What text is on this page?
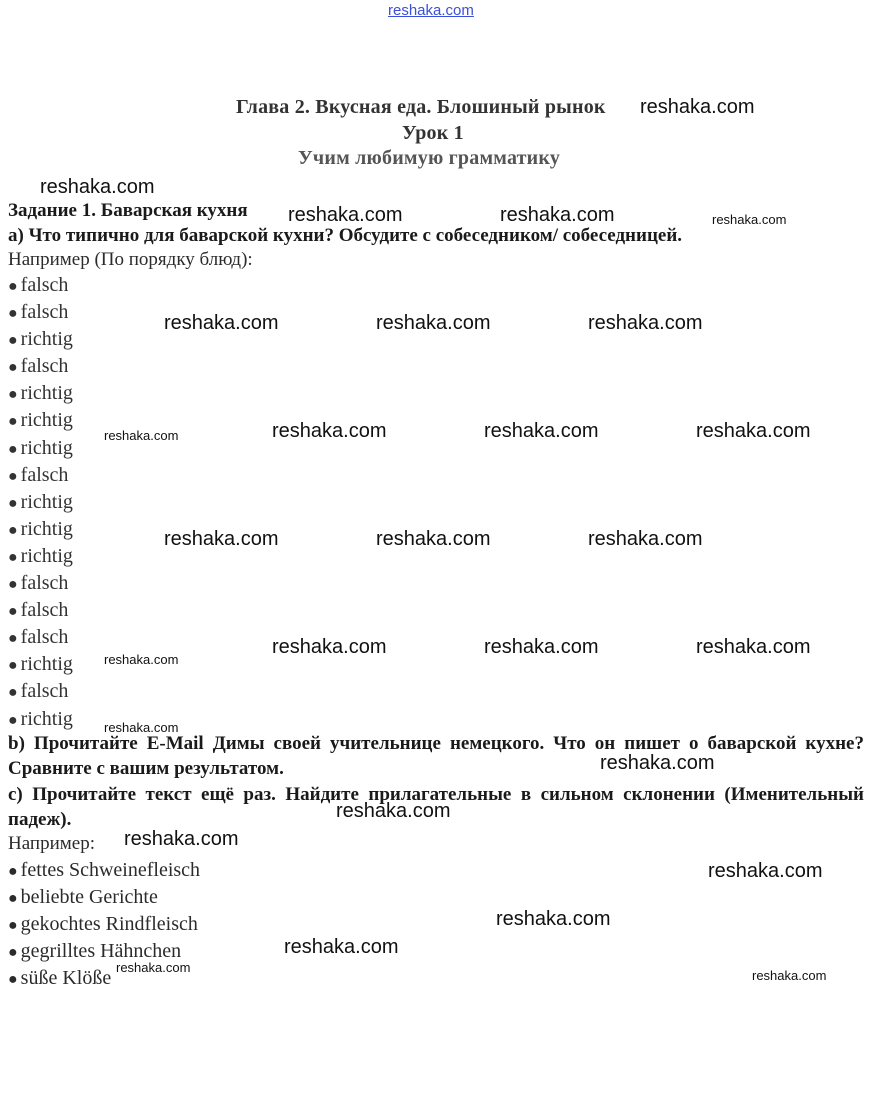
reshaka.com
Глава 2. Вкусная еда. Блошиный рынок
Урок 1
Учим любимую грамматику
Задание 1. Баварская кухня
a) Что типично для баварской кухни? Обсудите с собеседником/ собеседницей.
Например (По порядку блюд):
● falsch
● falsch
● richtig
● falsch
● richtig
● richtig
● richtig
● falsch
● richtig
● richtig
● richtig
● falsch
● falsch
● falsch
● richtig
● falsch
● richtig
b) Прочитайте E-Mail Димы своей учительнице немецкого. Что он пишет о баварской кухне? Сравните с вашим результатом.
c) Прочитайте текст ещё раз. Найдите прилагательные в сильном склонении (Именительный падеж).
Например:
● fettes Schweinefleisch
● beliebte Gerichte
● gekochtes Rindfleisch
● gegrilltes Hähnchen
● süße Klöße
reshaka.com
reshaka.com
reshaka.com	reshaka.com	reshaka.com
reshaka.com	reshaka.com	reshaka.com
reshaka.com	reshaka.com	reshaka.com	reshaka.com
reshaka.com	reshaka.com	reshaka.com
reshaka.com
reshaka.com	reshaka.com	reshaka.com
reshaka.com
reshaka.com
reshaka.com
reshaka.com
reshaka.com
reshaka.com
reshaka.com
reshaka.com
reshaka.com
